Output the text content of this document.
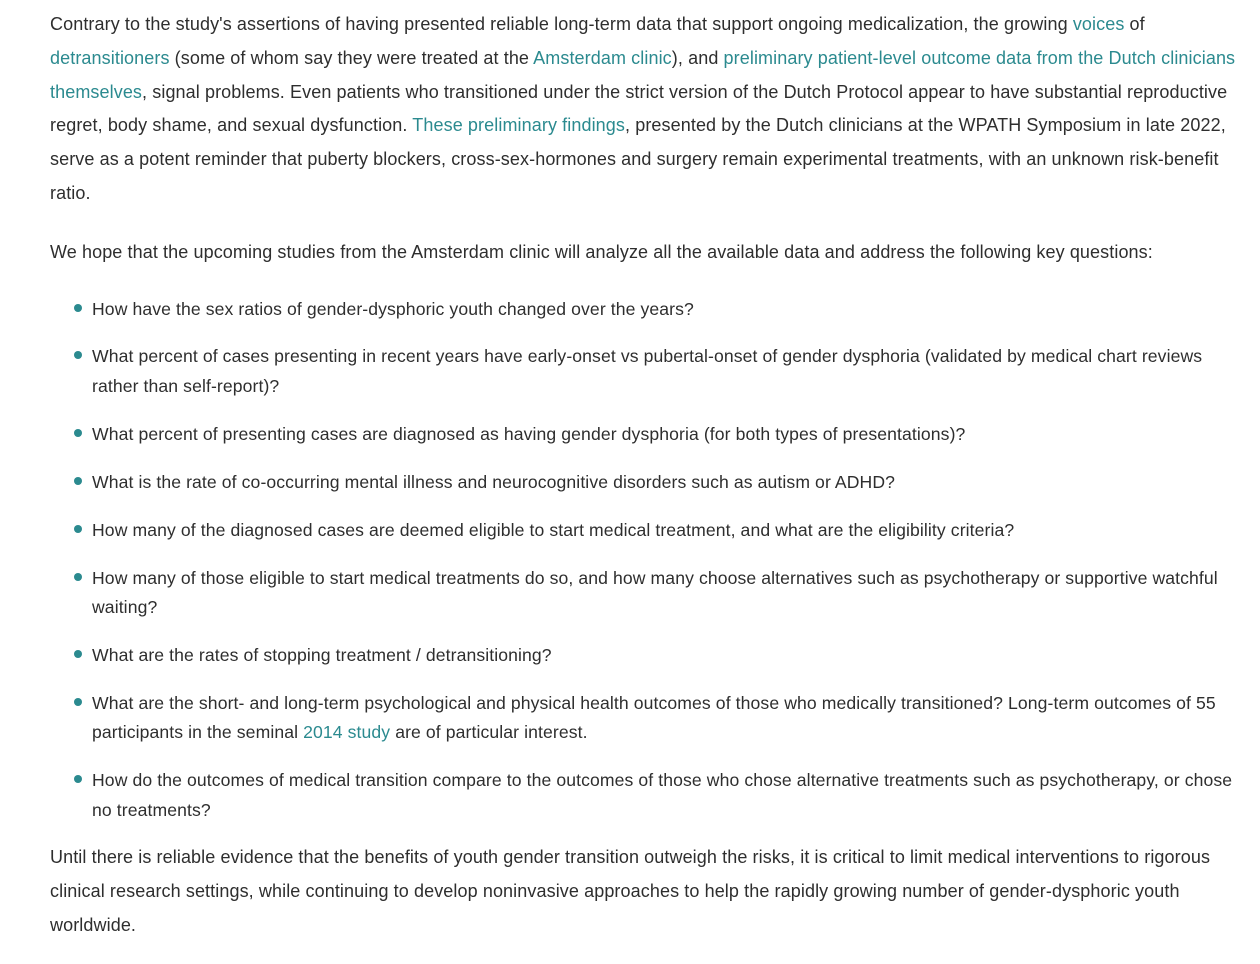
Contrary to the study's assertions of having presented reliable long-term data that support ongoing medicalization, the growing voices of detransitioners (some of whom say they were treated at the Amsterdam clinic), and preliminary patient-level outcome data from the Dutch clinicians themselves, signal problems. Even patients who transitioned under the strict version of the Dutch Protocol appear to have substantial reproductive regret, body shame, and sexual dysfunction. These preliminary findings, presented by the Dutch clinicians at the WPATH Symposium in late 2022, serve as a potent reminder that puberty blockers, cross-sex-hormones and surgery remain experimental treatments, with an unknown risk-benefit ratio.

We hope that the upcoming studies from the Amsterdam clinic will analyze all the available data and address the following key questions:

How have the sex ratios of gender-dysphoric youth changed over the years?
What percent of cases presenting in recent years have early-onset vs pubertal-onset of gender dysphoria (validated by medical chart reviews rather than self-report)?
What percent of presenting cases are diagnosed as having gender dysphoria (for both types of presentations)?
What is the rate of co-occurring mental illness and neurocognitive disorders such as autism or ADHD?
How many of the diagnosed cases are deemed eligible to start medical treatment, and what are the eligibility criteria?
How many of those eligible to start medical treatments do so, and how many choose alternatives such as psychotherapy or supportive watchful waiting?
What are the rates of stopping treatment / detransitioning?
What are the short- and long-term psychological and physical health outcomes of those who medically transitioned? Long-term outcomes of 55 participants in the seminal 2014 study are of particular interest.
How do the outcomes of medical transition compare to the outcomes of those who chose alternative treatments such as psychotherapy, or chose no treatments?

Until there is reliable evidence that the benefits of youth gender transition outweigh the risks, it is critical to limit medical interventions to rigorous clinical research settings, while continuing to develop noninvasive approaches to help the rapidly growing number of gender-dysphoric youth worldwide.
